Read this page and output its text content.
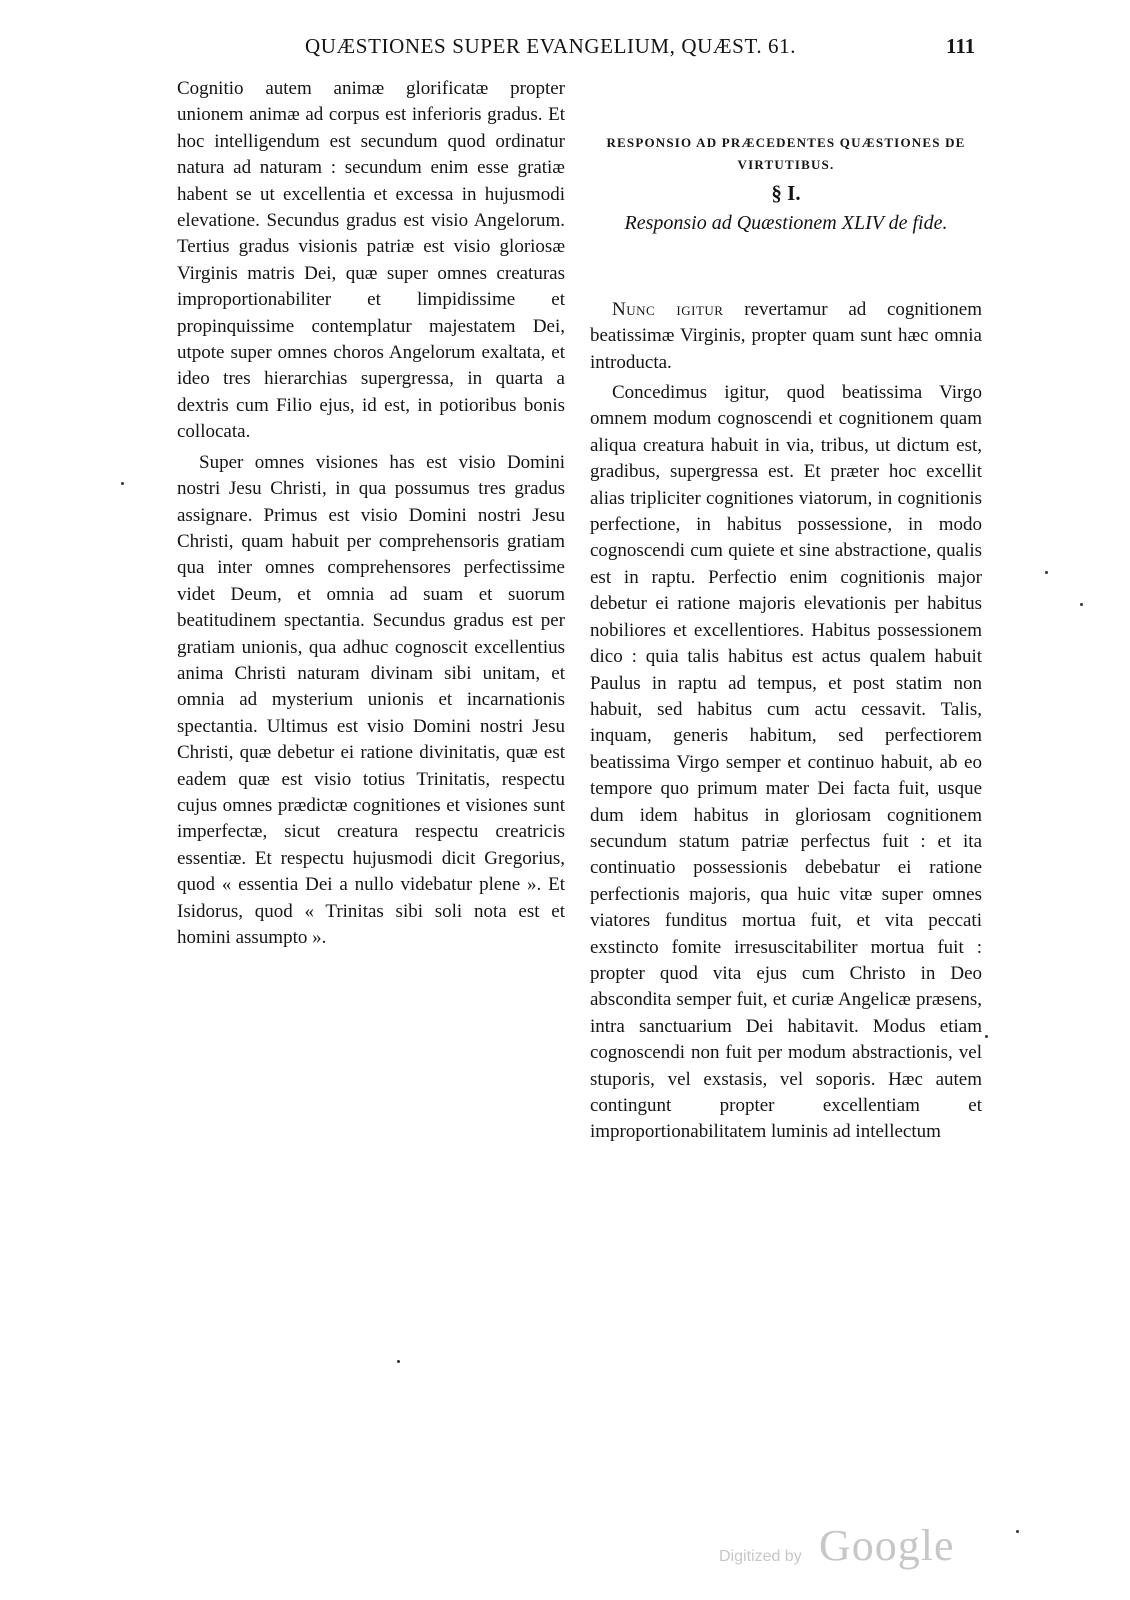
QUÆSTIONES SUPER EVANGELIUM, QUÆST. 61.	111

Cognitio autem animæ glorificatæ propter unionem animæ ad corpus est inferioris gradus. Et hoc intelligendum est secundum quod ordinatur natura ad naturam : secundum enim esse gratiæ habent se ut excellentia et excessa in hujusmodi elevatione. Secundus gradus est visio Angelorum. Tertius gradus visionis patriæ est visio gloriosæ Virginis matris Dei, quæ super omnes creaturas improportionabiliter et limpidissime et propinquissime contemplatur majestatem Dei, utpote super omnes choros Angelorum exaltata, et ideo tres hierarchias supergressa, in quarta a dextris cum Filio ejus, id est, in potioribus bonis collocata.

Super omnes visiones has est visio Domini nostri Jesu Christi, in qua possumus tres gradus assignare. Primus est visio Domini nostri Jesu Christi, quam habuit per comprehensoris gratiam qua inter omnes comprehensores perfectissime videt Deum, et omnia ad suam et suorum beatitudinem spectantia. Secundus gradus est per gratiam unionis, qua adhuc cognoscit excellentius anima Christi naturam divinam sibi unitam, et omnia ad mysterium unionis et incarnationis spectantia. Ultimus est visio Domini nostri Jesu Christi, quæ debetur ei ratione divinitatis, quæ est eadem quæ est visio totius Trinitatis, respectu cujus omnes prædictæ cognitiones et visiones sunt imperfectæ, sicut creatura respectu creatricis essentiæ. Et respectu hujusmodi dicit Gregorius, quod « essentia Dei a nullo videbatur plene ». Et Isidorus, quod « Trinitas sibi soli nota est et homini assumpto ».

RESPONSIO AD PRÆCEDENTES QUÆSTIONES DE VIRTUTIBUS.

§ I.

Responsio ad Quæstionem XLIV de fide.

Nunc igitur revertamur ad cognitionem beatissimæ Virginis, propter quam sunt hæc omnia introducta.

Concedimus igitur, quod beatissima Virgo omnem modum cognoscendi et cognitionem quam aliqua creatura habuit in via, tribus, ut dictum est, gradibus, supergressa est. Et præter hoc excellit alias tripliciter cognitiones viatorum, in cognitionis perfectione, in habitus possessione, in modo cognoscendi cum quiete et sine abstractione, qualis est in raptu. Perfectio enim cognitionis major debetur ei ratione majoris elevationis per habitus nobiliores et excellentiores. Habitus possessionem dico : quia talis habitus est actus qualem habuit Paulus in raptu ad tempus, et post statim non habuit, sed habitus cum actu cessavit. Talis, inquam, generis habitum, sed perfectiorem beatissima Virgo semper et continuo habuit, ab eo tempore quo primum mater Dei facta fuit, usque dum idem habitus in gloriosam cognitionem secundum statum patriæ perfectus fuit : et ita continuatio possessionis debebatur ei ratione perfectionis majoris, qua huic vitæ super omnes viatores funditus mortua fuit, et vita peccati exstincto fomite irresuscitabiliter mortua fuit : propter quod vita ejus cum Christo in Deo abscondita semper fuit, et curiæ Angelicæ præsens, intra sanctuarium Dei habitavit. Modus etiam cognoscendi non fuit per modum abstractionis, vel stuporis, vel exstasis, vel soporis. Hæc autem contingunt propter excellentiam et improportionabilitatem luminis ad intellectum

Digitized by Google
